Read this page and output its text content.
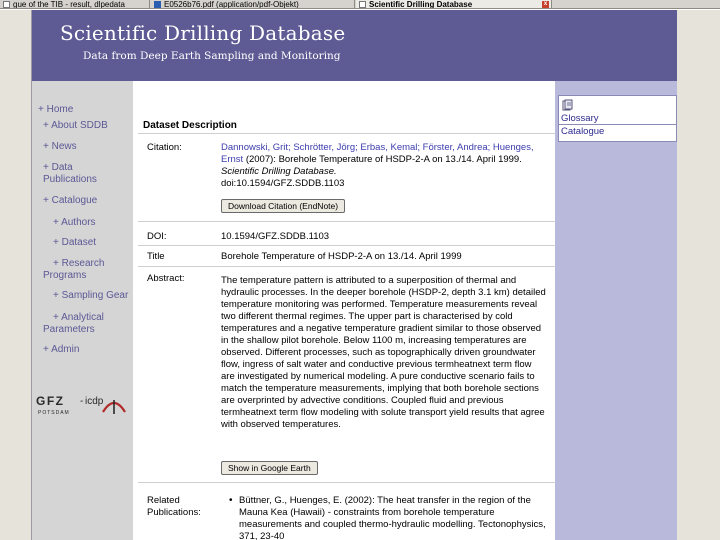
gue of the TIB - result, dlpedata	E0526b76.pdf (application/pdf-Objekt)	Scientific Drilling Database	x
Scientific Drilling Database
Data from Deep Earth Sampling and Monitoring
+ Home
+ About SDDB
+ News
+ Data Publications
+ Catalogue
+ Authors
+ Dataset
+ Research Programs
+ Sampling Gear
+ Analytical Parameters
+ Admin
GFZ
POTSDAM
- icdp
Dataset Description
Citation:	Dannowski, Grit; Schrötter, Jörg; Erbas, Kemal; Förster, Andrea; Huenges, Ernst (2007): Borehole Temperature of HSDP-2-A on 13./14. April 1999. Scientific Drilling Database.
doi:10.1594/GFZ.SDDB.1103
Download Citation (EndNote)
DOI:	10.1594/GFZ.SDDB.1103
Title	Borehole Temperature of HSDP-2-A on 13./14. April 1999
Abstract:	The temperature pattern is attributed to a superposition of thermal and hydraulic processes. In the deeper borehole (HSDP-2, depth 3.1 km) detailed temperature monitoring was performed. Temperature measurements reveal two different thermal regimes. The upper part is characterised by cold temperatures and a negative temperature gradient similar to those observed in the shallow pilot borehole. Below 1100 m, increasing temperatures are observed. Different processes, such as topographically driven groundwater flow, ingress of salt water and conductive previous termheatnext term flow are investigated by numerical modeling. A pure conductive scenario fails to match the temperature measurements, implying that both borehole sections are overprinted by advective conditions. Coupled fluid and previous termheatnext term flow modeling with solute transport yield results that agree with observed temperatures.
Show in Google Earth
Related Publications:
• Büttner, G., Huenges, E. (2002): The heat transfer in the region of the Mauna Kea (Hawaii) - constraints from borehole temperature measurements and coupled thermo-hydraulic modelling. Tectonophysics, 371, 23-40
Glossary
Catalogue
